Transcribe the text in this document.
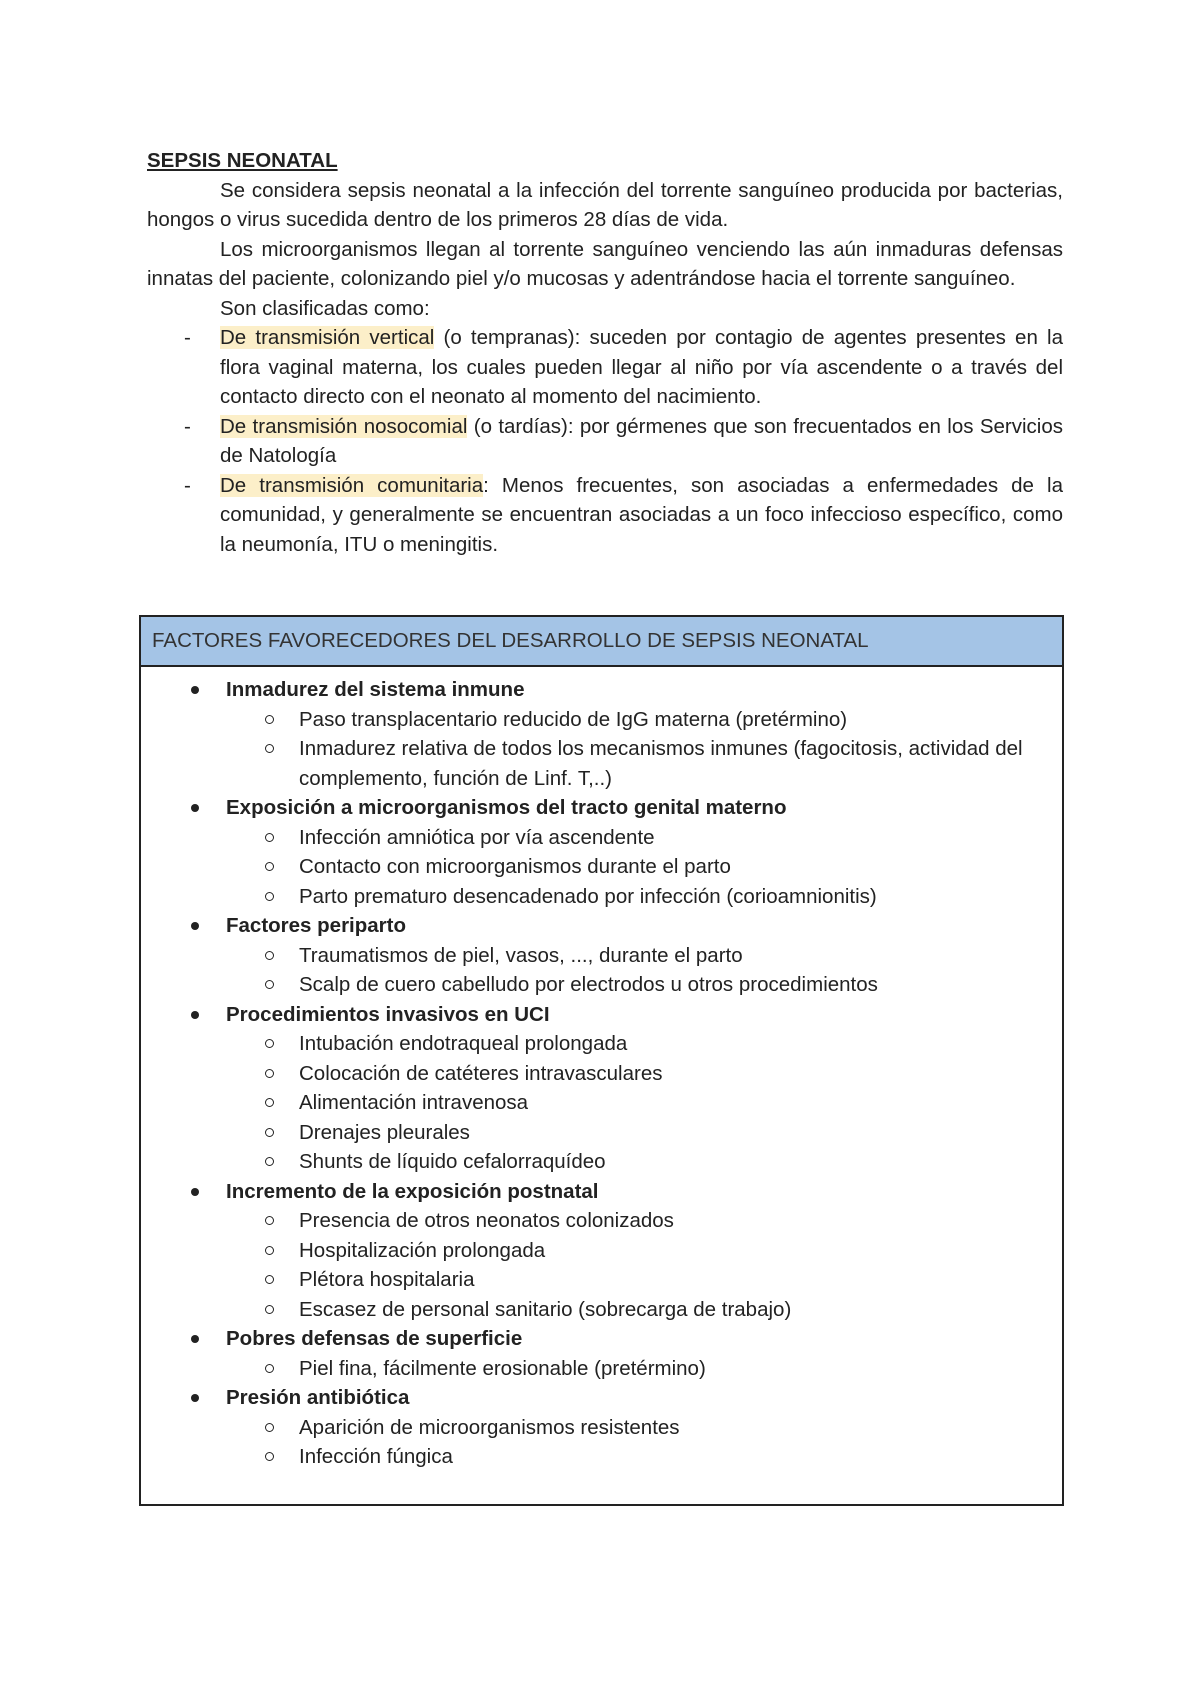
SEPSIS NEONATAL

Se considera sepsis neonatal a la infección del torrente sanguíneo producida por bacterias, hongos o virus sucedida dentro de los primeros 28 días de vida.

Los microorganismos llegan al torrente sanguíneo venciendo las aún inmaduras defensas innatas del paciente, colonizando piel y/o mucosas y adentrándose hacia el torrente sanguíneo.

Son clasificadas como:

- De transmisión vertical (o tempranas): suceden por contagio de agentes presentes en la flora vaginal materna, los cuales pueden llegar al niño por vía ascendente o a través del contacto directo con el neonato al momento del nacimiento.
- De transmisión nosocomial (o tardías): por gérmenes que son frecuentados en los Servicios de Natología
- De transmisión comunitaria: Menos frecuentes, son asociadas a enfermedades de la comunidad, y generalmente se encuentran asociadas a un foco infeccioso específico, como la neumonía, ITU o meningitis.
FACTORES FAVORECEDORES DEL DESARROLLO DE SEPSIS NEONATAL
Inmadurez del sistema inmune
Paso transplacentario reducido de IgG materna (pretérmino)
Inmadurez relativa de todos los mecanismos inmunes (fagocitosis, actividad del complemento, función de Linf. T,..)
Exposición a microorganismos del tracto genital materno
Infección amniótica por vía ascendente
Contacto con microorganismos durante el parto
Parto prematuro desencadenado por infección (corioamnionitis)
Factores periparto
Traumatismos de piel, vasos, ..., durante el parto
Scalp de cuero cabelludo por electrodos u otros procedimientos
Procedimientos invasivos en UCI
Intubación endotraqueal prolongada
Colocación de catéteres intravasculares
Alimentación intravenosa
Drenajes pleurales
Shunts de líquido cefalorraquídeo
Incremento de la exposición postnatal
Presencia de otros neonatos colonizados
Hospitalización prolongada
Plétora hospitalaria
Escasez de personal sanitario (sobrecarga de trabajo)
Pobres defensas de superficie
Piel fina, fácilmente erosionable (pretérmino)
Presión antibiótica
Aparición de microorganismos resistentes
Infección fúngica
